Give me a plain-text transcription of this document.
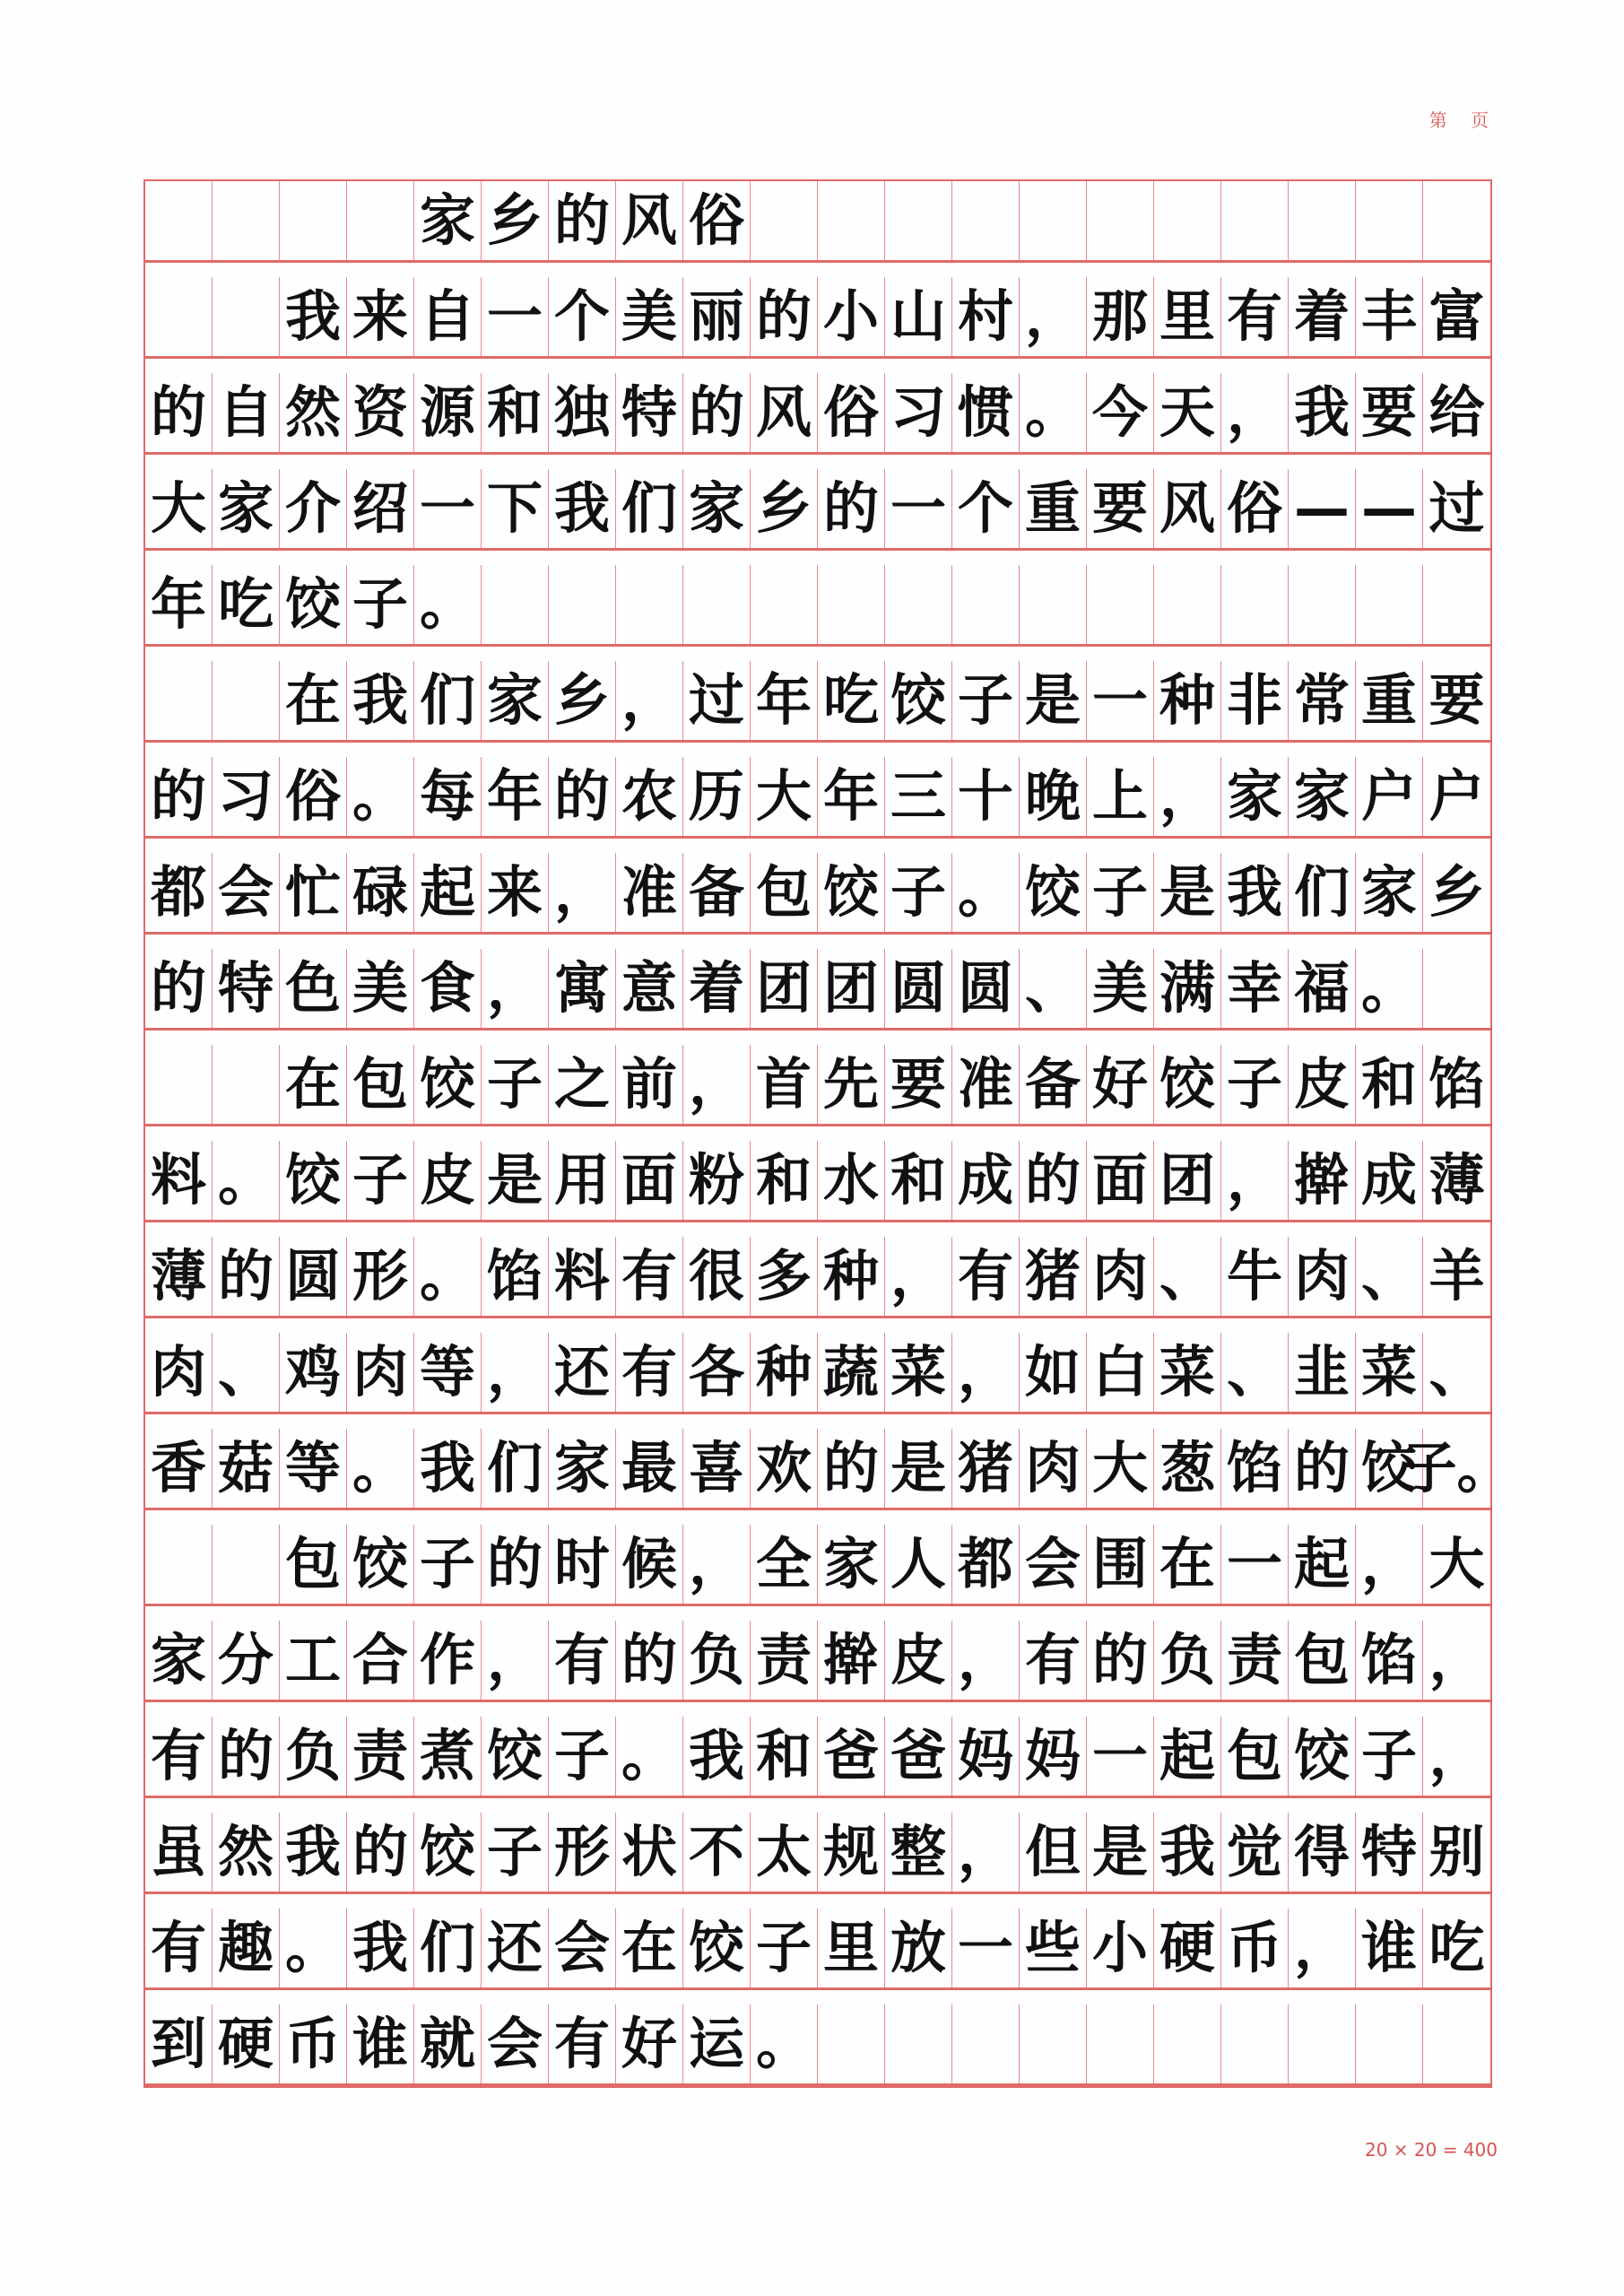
第 页
家 乡 的 风 俗
我 来 自 一 个 美 丽 的 小 山 村 ， 那 里 有 着 丰 富
的 自 然 资 源 和 独 特 的 风 俗 习 惯 。 今 天 ， 我 要 给
大 家 介 绍 一 下 我 们 家 乡 的 一 个 重 要 风 俗 — — 过
年 吃 饺 子 。
在 我 们 家 乡 ， 过 年 吃 饺 子 是 一 种 非 常 重 要
的 习 俗 。 每 年 的 农 历 大 年 三 十 晚 上 ， 家 家 户 户
都 会 忙 碌 起 来 ， 准 备 包 饺 子 。 饺 子 是 我 们 家 乡
的 特 色 美 食 ， 寓 意 着 团 团 圆 圆 、 美 满 幸 福 。
在 包 饺 子 之 前 ， 首 先 要 准 备 好 饺 子 皮 和 馅
料 。 饺 子 皮 是 用 面 粉 和 水 和 成 的 面 团 ， 擀 成 薄
薄 的 圆 形 。 馅 料 有 很 多 种 ， 有 猪 肉 、 牛 肉 、 羊
肉 、 鸡 肉 等 ， 还 有 各 种 蔬 菜 ， 如 白 菜 、 韭 菜 、
香 菇 等 。 我 们 家 最 喜 欢 的 是 猪 肉 大 葱 馅 的 饺
子。
包 饺 子 的 时 候 ， 全 家 人 都 会 围 在 一 起 ， 大
家 分 工 合 作 ， 有 的 负 责 擀 皮 ， 有 的 负 责 包 馅 ，
有 的 负 责 煮 饺 子 。 我 和 爸 爸 妈 妈 一 起 包 饺 子 ，
虽 然 我 的 饺 子 形 状 不 太 规 整 ， 但 是 我 觉 得 特 别
有 趣 。 我 们 还 会 在 饺 子 里 放 一 些 小 硬 币 ， 谁 吃
到 硬 币 谁 就 会 有 好 运 。
20 × 20 = 400
